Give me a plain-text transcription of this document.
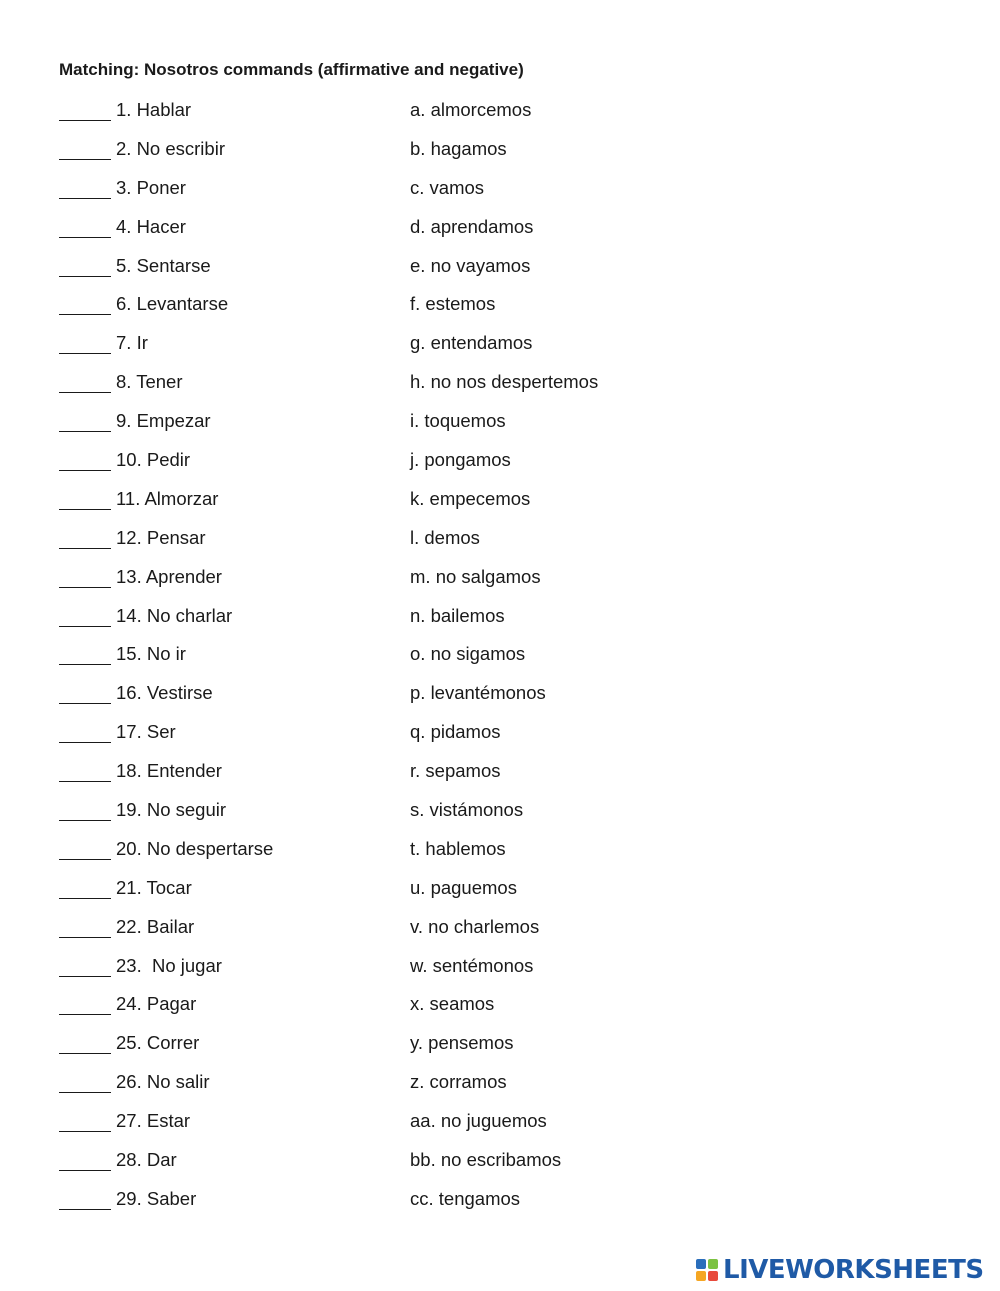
Matching: Nosotros commands (affirmative and negative)
1. Hablar	a. almorcemos
2. No escribir	b. hagamos
3. Poner	c. vamos
4. Hacer	d. aprendamos
5. Sentarse	e. no vayamos
6. Levantarse	f. estemos
7. Ir	g. entendamos
8. Tener	h. no nos despertemos
9. Empezar	i. toquemos
10. Pedir	j. pongamos
11. Almorzar	k. empecemos
12. Pensar	l. demos
13. Aprender	m. no salgamos
14. No charlar	n. bailemos
15. No ir	o. no sigamos
16. Vestirse	p. levantémonos
17. Ser	q. pidamos
18. Entender	r. sepamos
19. No seguir	s. vistámonos
20. No despertarse	t. hablemos
21. Tocar	u. paguemos
22. Bailar	v. no charlemos
23.  No jugar	w. sentémonos
24. Pagar	x. seamos
25. Correr	y. pensemos
26. No salir	z. corramos
27. Estar	aa. no juguemos
28. Dar	bb. no escribamos
29. Saber	cc. tengamos
LIVEWORKSHEETS
